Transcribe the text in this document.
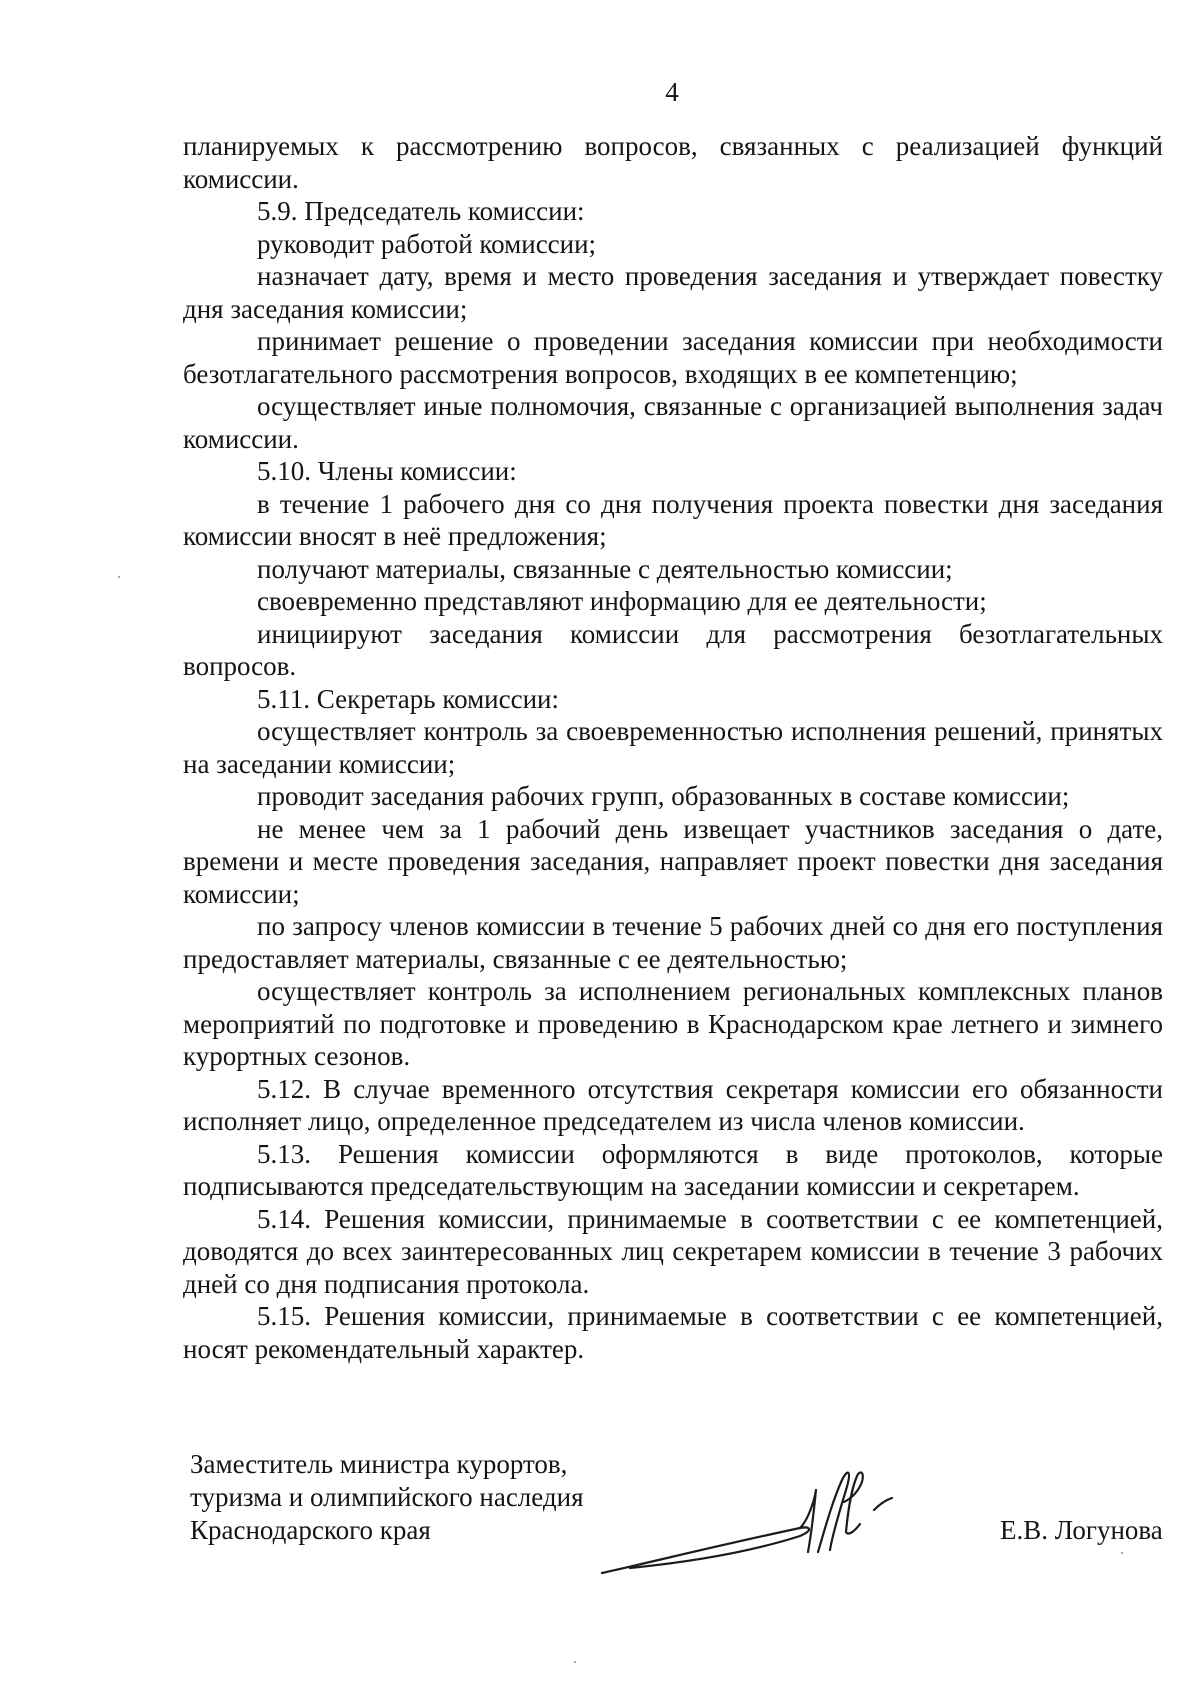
4

планируемых к рассмотрению вопросов, связанных с реализацией функций комиссии.

5.9. Председатель комиссии:

руководит работой комиссии;

назначает дату, время и место проведения заседания и утверждает повестку дня заседания комиссии;

принимает решение о проведении заседания комиссии при необходимости безотлагательного рассмотрения вопросов, входящих в ее компетенцию;

осуществляет иные полномочия, связанные с организацией выполнения задач комиссии.

5.10. Члены комиссии:

в течение 1 рабочего дня со дня получения проекта повестки дня заседания комиссии вносят в неё предложения;

получают материалы, связанные с деятельностью комиссии;

своевременно представляют информацию для ее деятельности;

инициируют заседания комиссии для рассмотрения безотлагательных вопросов.

5.11. Секретарь комиссии:

осуществляет контроль за своевременностью исполнения решений, принятых на заседании комиссии;

проводит заседания рабочих групп, образованных в составе комиссии;

не менее чем за 1 рабочий день извещает участников заседания о дате, времени и месте проведения заседания, направляет проект повестки дня заседания комиссии;

по запросу членов комиссии в течение 5 рабочих дней со дня его поступления предоставляет материалы, связанные с ее деятельностью;

осуществляет контроль за исполнением региональных комплексных планов мероприятий по подготовке и проведению в Краснодарском крае летнего и зимнего курортных сезонов.

5.12. В случае временного отсутствия секретаря комиссии его обязанности исполняет лицо, определенное председателем из числа членов комиссии.

5.13. Решения комиссии оформляются в виде протоколов, которые подписываются председательствующим на заседании комиссии и секретарем.

5.14. Решения комиссии, принимаемые в соответствии с ее компетенцией, доводятся до всех заинтересованных лиц секретарем комиссии в течение 3 рабочих дней со дня подписания протокола.

5.15. Решения комиссии, принимаемые в соответствии с ее компетенцией, носят рекомендательный характер.

Заместитель министра курортов,
туризма и олимпийского наследия
Краснодарского края	Е.В. Логунова
